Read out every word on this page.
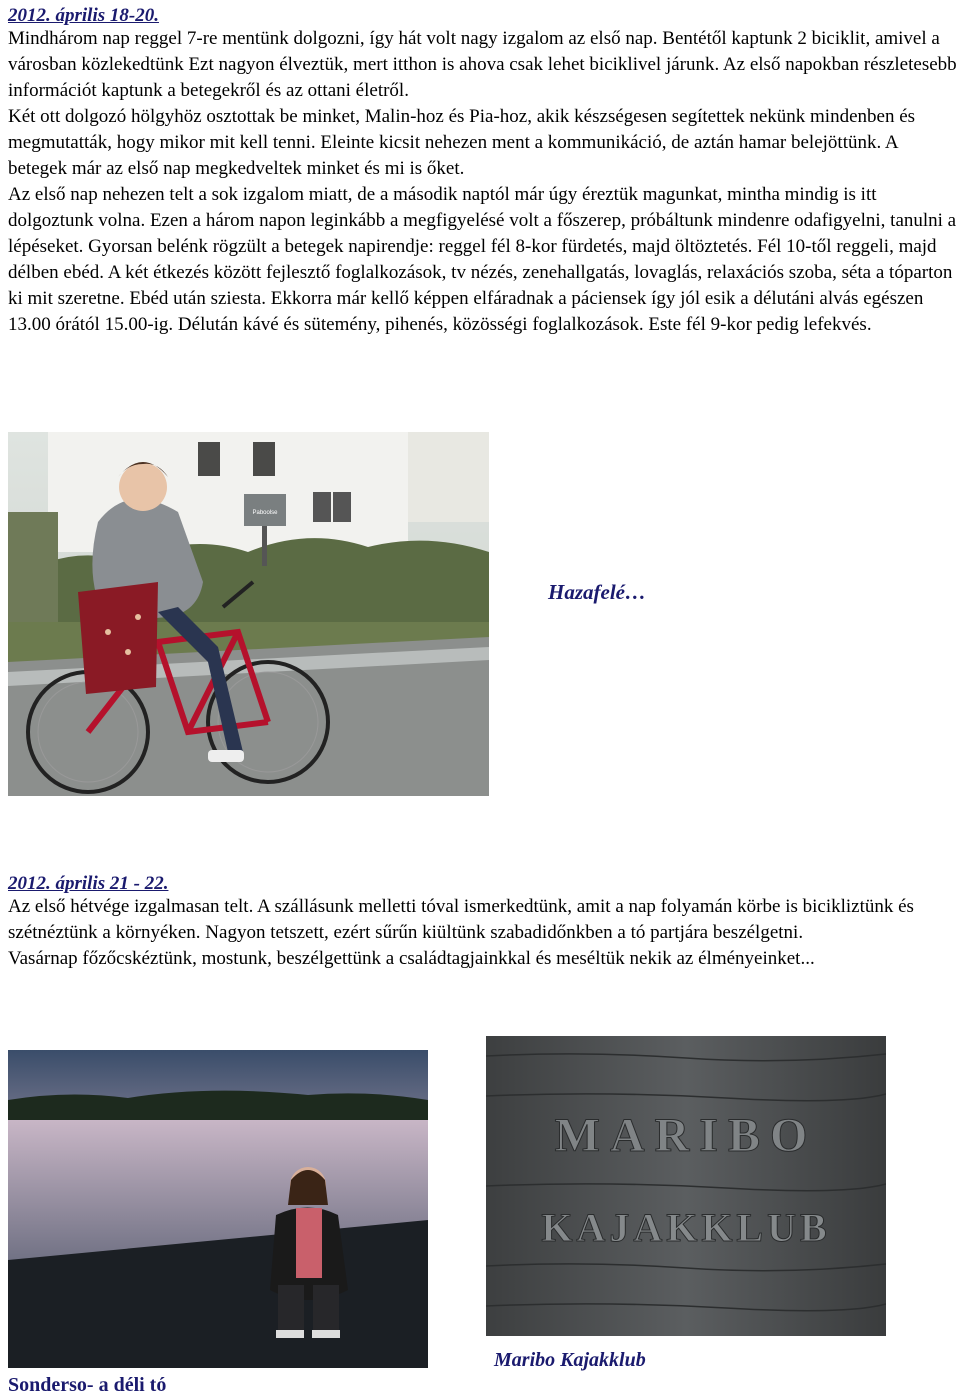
2012. április 18-20.

Mindhárom nap reggel 7-re mentünk dolgozni, így hát volt nagy izgalom az első nap. Bentétől kaptunk 2 biciklit, amivel a városban közlekedtünk Ezt nagyon élveztük, mert itthon is ahova csak lehet biciklivel járunk. Az első napokban részletesebb információt kaptunk a betegekről és az ottani életről.

Két ott dolgozó hölgyhöz osztottak be minket, Malin-hoz és Pia-hoz, akik készségesen segítettek nekünk mindenben és megmutatták, hogy mikor mit kell tenni. Eleinte kicsit nehezen ment a kommunikáció, de aztán hamar belejöttünk. A betegek már az első nap megkedveltek minket és mi is őket.

Az első nap nehezen telt a sok izgalom miatt, de a második naptól már úgy éreztük magunkat, mintha mindig is itt dolgoztunk volna. Ezen a három napon leginkább a megfigyelésé volt a főszerep, próbáltunk mindenre odafigyelni, tanulni a lépéseket. Gyorsan belénk rögzült a betegek napirendje: reggel fél 8-kor fürdetés, majd öltöztetés. Fél 10-től reggeli, majd délben ebéd. A két étkezés között fejlesztő foglalkozások, tv nézés, zenehallgatás, lovaglás, relaxációs szoba, séta a tóparton ki mit szeretne. Ebéd után sziesta. Ekkorra már kellő képpen elfáradnak a páciensek így jól esik a délutáni alvás egészen 13.00 órától 15.00-ig. Délután kávé és sütemény, pihenés, közösségi foglalkozások. Este fél 9-kor pedig lefekvés.

Paboolse
Hazafelé…
2012. április 21 - 22.

Az első hétvége izgalmasan telt. A szállásunk melletti tóval ismerkedtünk, amit a nap folyamán körbe is bicikliztünk és szétnéztünk a környéken. Nagyon tetszett, ezért sűrűn kiültünk szabadidőnkben a tó partjára beszélgetni.

Vasárnap főzőcskéztünk, mostunk, beszélgettünk a családtagjainkkal és meséltük nekik az élményeinket...

Sonderso- a déli tó
MARIBO
KAJAKKLUB
Maribo Kajakklub
